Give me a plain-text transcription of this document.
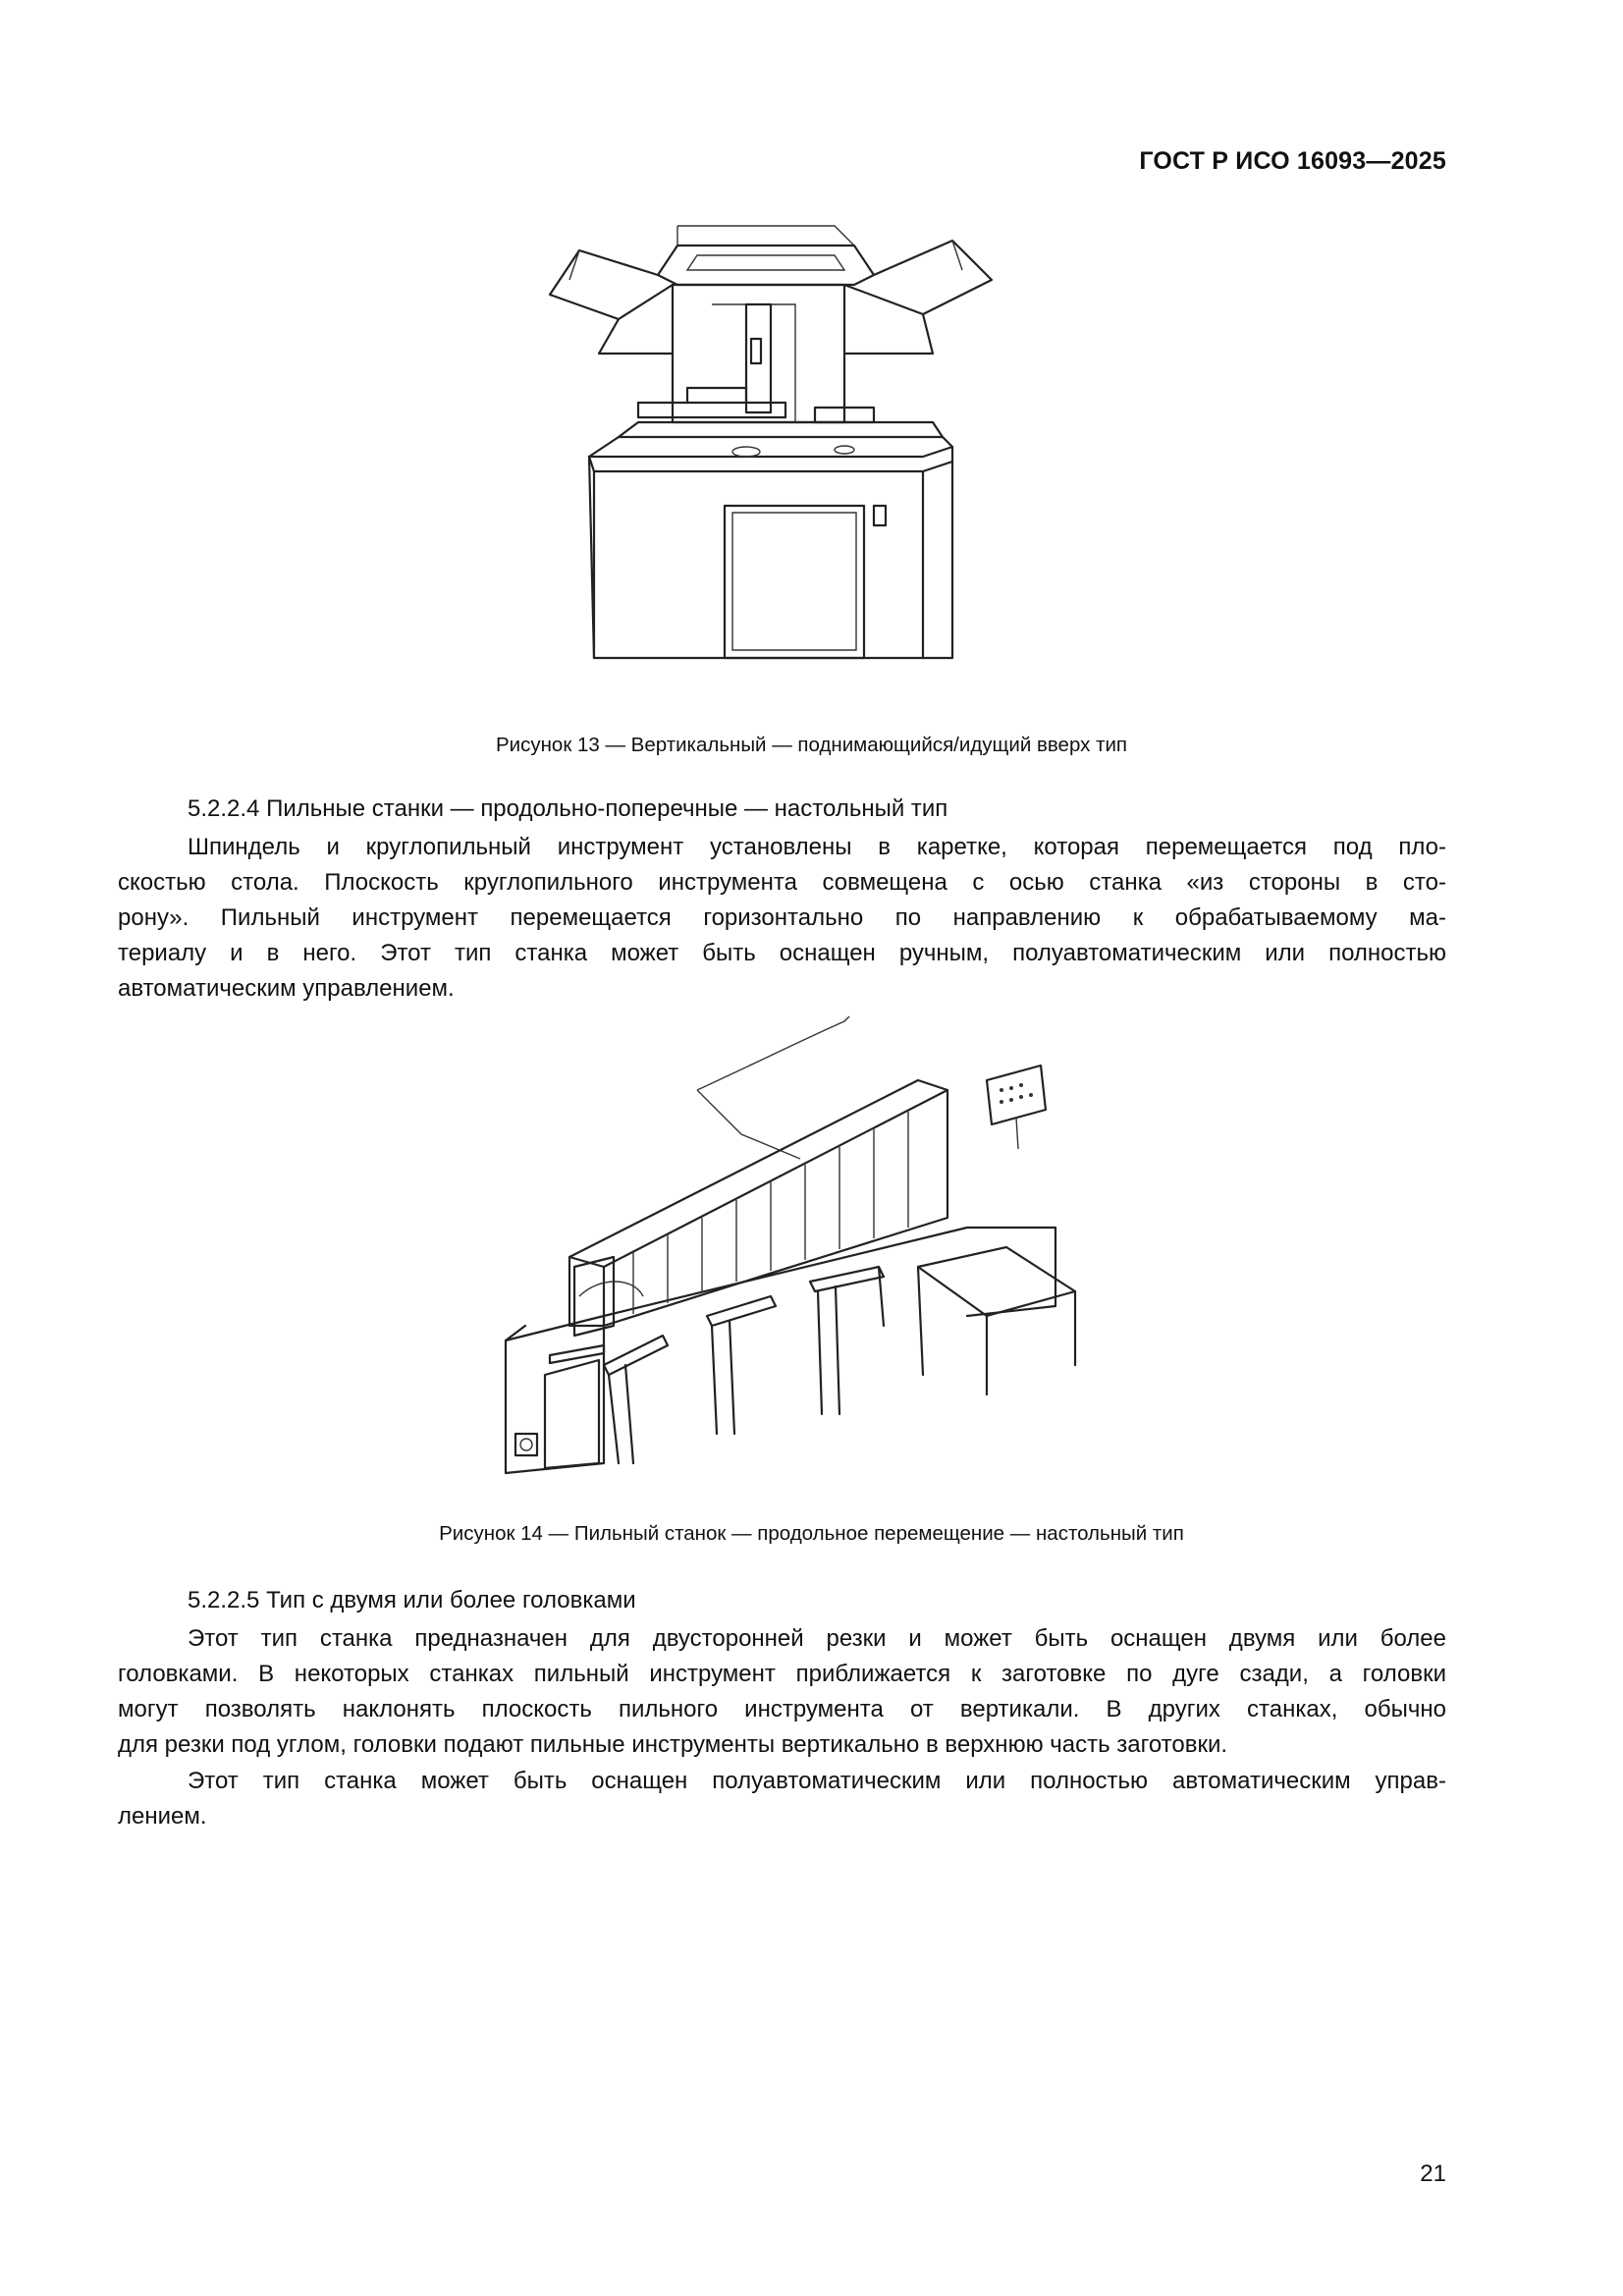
ГОСТ Р ИСО 16093—2025
Рисунок 13 — Вертикальный — поднимающийся/идущий вверх тип
5.2.2.4 Пильные станки — продольно-поперечные — настольный тип
Шпиндель и круглопильный инструмент установлены в каретке, которая перемещается под пло-
скостью стола. Плоскость круглопильного инструмента совмещена с осью станка «из стороны в сто-
рону». Пильный инструмент перемещается горизонтально по направлению к обрабатываемому ма-
териалу и в него. Этот тип станка может быть оснащен ручным, полуавтоматическим или полностью
автоматическим управлением.
Рисунок 14 — Пильный станок — продольное перемещение — настольный тип
5.2.2.5 Тип с двумя или более головками
Этот тип станка предназначен для двусторонней резки и может быть оснащен двумя или более
головками. В некоторых станках пильный инструмент приближается к заготовке по дуге сзади, а головки
могут позволять наклонять плоскость пильного инструмента от вертикали. В других станках, обычно
для резки под углом, головки подают пильные инструменты вертикально в верхнюю часть заготовки.
Этот тип станка может быть оснащен полуавтоматическим или полностью автоматическим управ-
лением.
21
